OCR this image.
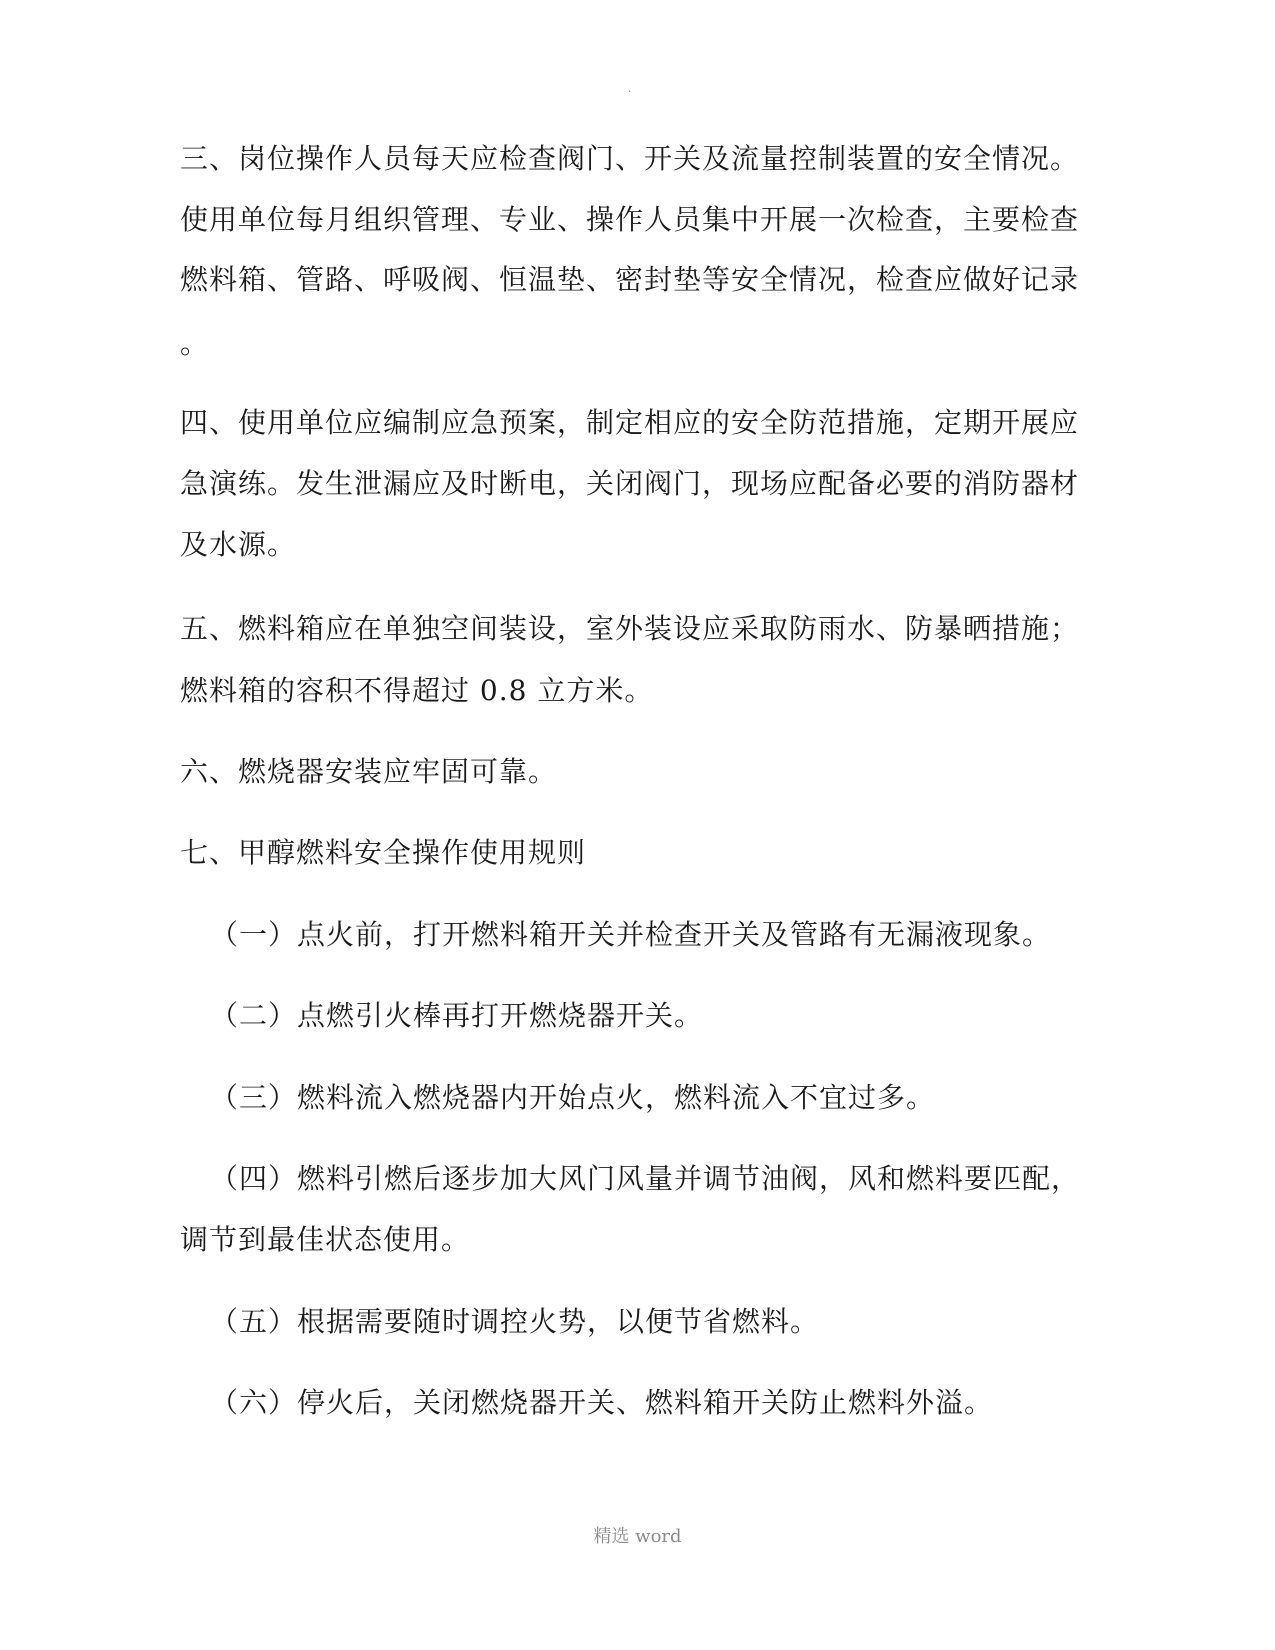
.
三、岗位操作人员每天应检查阀门、开关及流量控制装置的安全情况。
使用单位每月组织管理、专业、操作人员集中开展一次检查，主要检查
燃料箱、管路、呼吸阀、恒温垫、密封垫等安全情况，检查应做好记录
。
四、使用单位应编制应急预案，制定相应的安全防范措施，定期开展应
急演练。发生泄漏应及时断电，关闭阀门，现场应配备必要的消防器材
及水源。
五、燃料箱应在单独空间装设，室外装设应采取防雨水、防暴晒措施；
燃料箱的容积不得超过 0.8 立方米。
六、燃烧器安装应牢固可靠。
七、甲醇燃料安全操作使用规则
（一）点火前，打开燃料箱开关并检查开关及管路有无漏液现象。
（二）点燃引火棒再打开燃烧器开关。
（三）燃料流入燃烧器内开始点火，燃料流入不宜过多。
（四）燃料引燃后逐步加大风门风量并调节油阀，风和燃料要匹配，
调节到最佳状态使用。
（五）根据需要随时调控火势，以便节省燃料。
（六）停火后，关闭燃烧器开关、燃料箱开关防止燃料外溢。
精选 word
